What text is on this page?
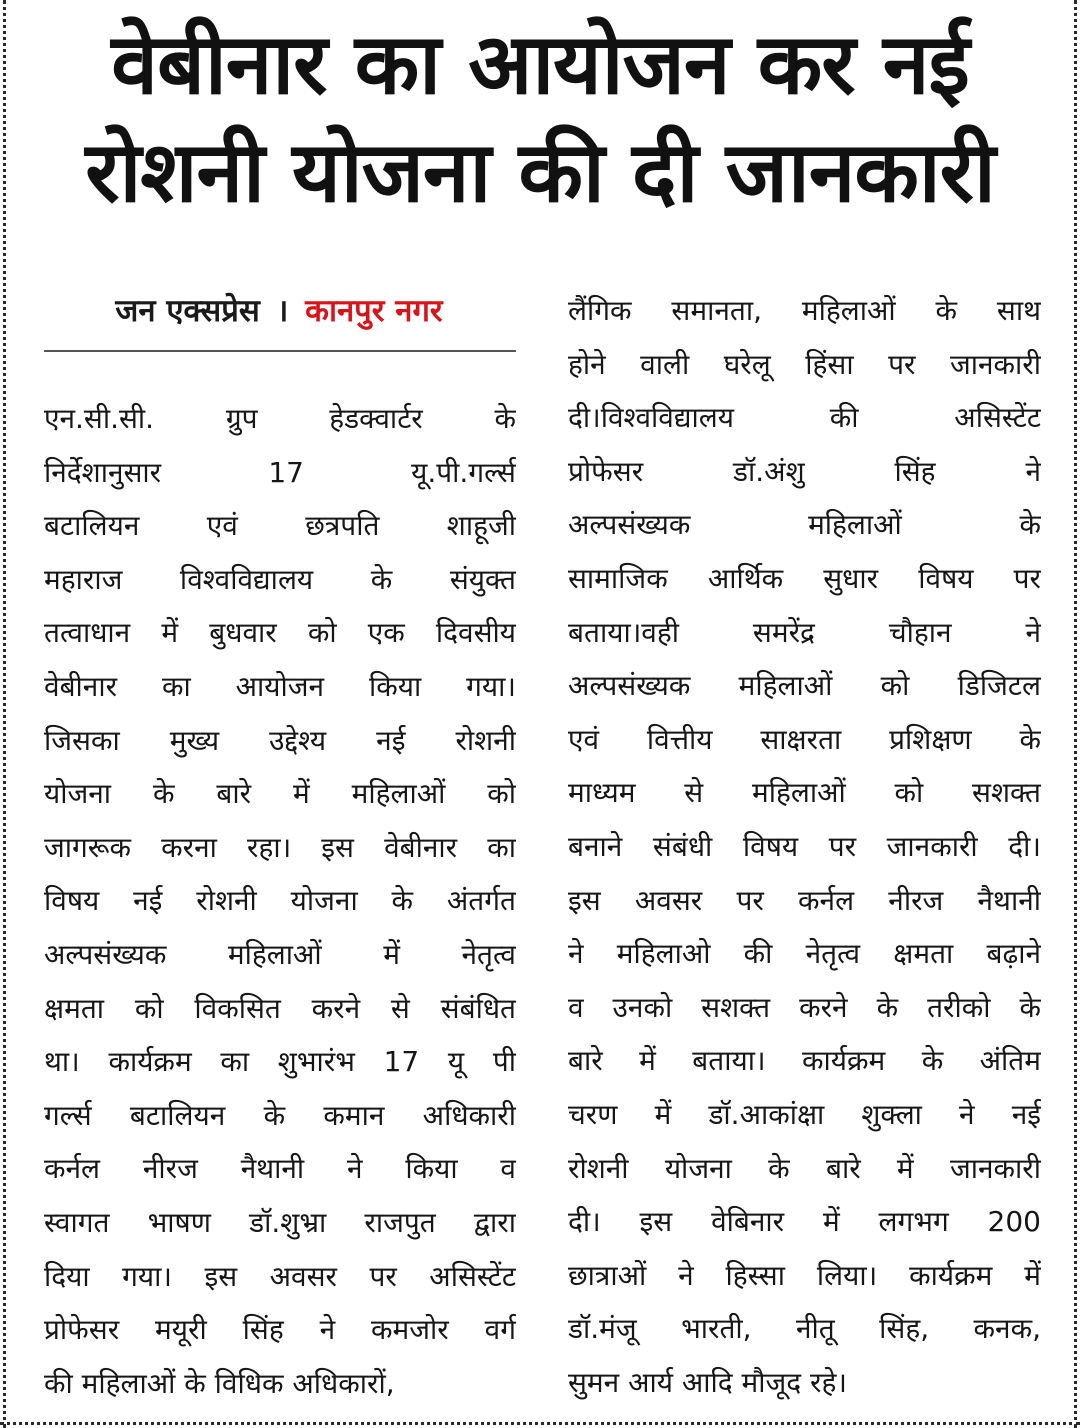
वेबीनार का आयोजन कर नई
रोशनी योजना की दी जानकारी
जन एक्सप्रेस । कानपुर नगर
एन.सी.सी. ग्रुप हेडक्वार्टर के
निर्देशानुसार 17 यू.पी.गर्ल्स
बटालियन एवं छत्रपति शाहूजी
महाराज विश्वविद्यालय के संयुक्त
तत्वाधान में बुधवार को एक दिवसीय
वेबीनार का आयोजन किया गया।
जिसका मुख्य उद्देश्य नई रोशनी
योजना के बारे में महिलाओं को
जागरूक करना रहा। इस वेबीनार का
विषय नई रोशनी योजना के अंतर्गत
अल्पसंख्यक महिलाओं में नेतृत्व
क्षमता को विकसित करने से संबंधित
था। कार्यक्रम का शुभारंभ 17 यू पी
गर्ल्स बटालियन के कमान अधिकारी
कर्नल नीरज नैथानी ने किया व
स्वागत भाषण डॉ.शुभ्रा राजपुत द्वारा
दिया गया। इस अवसर पर असिस्टेंट
प्रोफेसर मयूरी सिंह ने कमजोर वर्ग
की महिलाओं के विधिक अधिकारों,
लैंगिक समानता, महिलाओं के साथ
होने वाली घरेलू हिंसा पर जानकारी
दी।विश्वविद्यालय की असिस्टेंट
प्रोफेसर डॉ.अंशु सिंह ने
अल्पसंख्यक महिलाओं के
सामाजिक आर्थिक सुधार विषय पर
बताया।वही समरेंद्र चौहान ने
अल्पसंख्यक महिलाओं को डिजिटल
एवं वित्तीय साक्षरता प्रशिक्षण के
माध्यम से महिलाओं को सशक्त
बनाने संबंधी विषय पर जानकारी दी।
इस अवसर पर कर्नल नीरज नैथानी
ने महिलाओ की नेतृत्व क्षमता बढ़ाने
व उनको सशक्त करने के तरीको के
बारे में बताया। कार्यक्रम के अंतिम
चरण में डॉ.आकांक्षा शुक्ला ने नई
रोशनी योजना के बारे में जानकारी
दी। इस वेबिनार में लगभग 200
छात्राओं ने हिस्सा लिया। कार्यक्रम में
डॉ.मंजू भारती, नीतू सिंह, कनक,
सुमन आर्य आदि मौजूद रहे।
